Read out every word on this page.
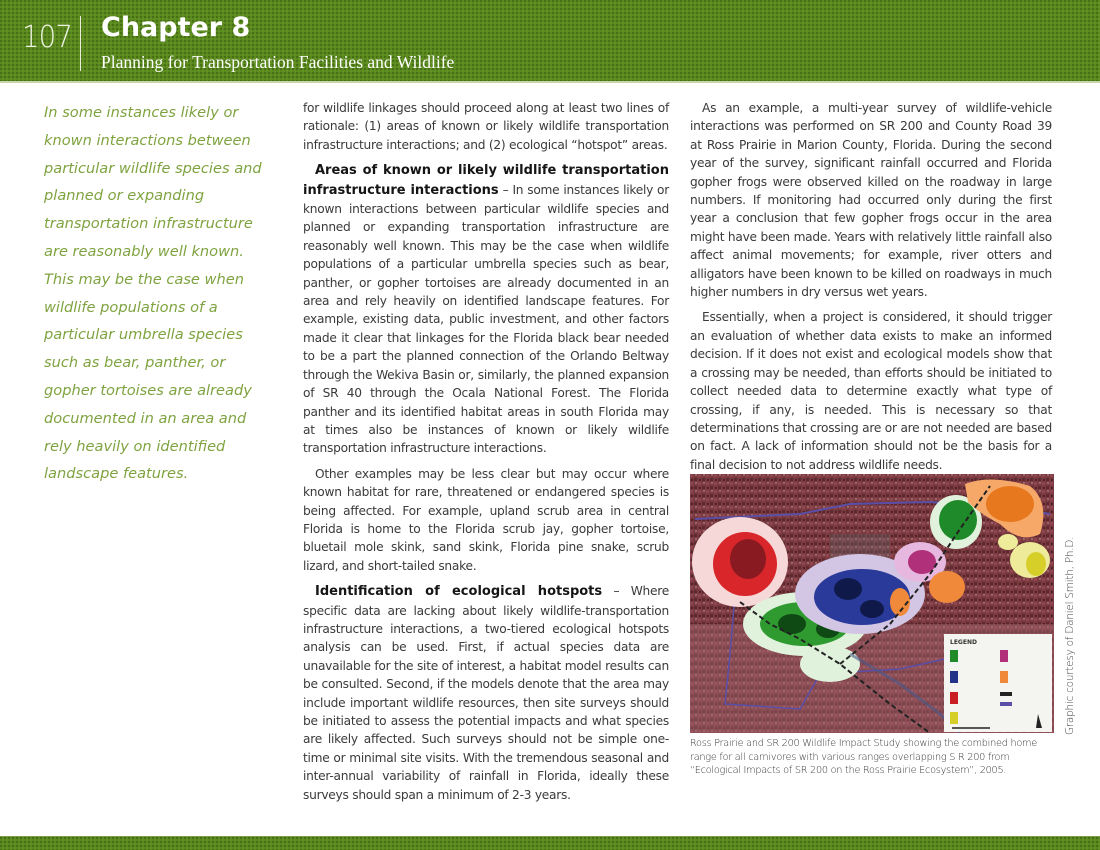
107 Chapter 8
Planning for Transportation Facilities and Wildlife
In some instances likely or known interactions between particular wildlife species and planned or expanding transportation infrastructure are reasonably well known. This may be the case when wildlife populations of a particular umbrella species such as bear, panther, or gopher tortoises are already documented in an area and rely heavily on identified landscape features.

for wildlife linkages should proceed along at least two lines of rationale: (1) areas of known or likely wildlife transportation infrastructure interactions; and (2) ecological “hotspot” areas.

Areas of known or likely wildlife transportation infrastructure interactions – In some instances likely or known interactions between particular wildlife species and planned or expanding transportation infrastructure are reasonably well known. This may be the case when wildlife populations of a particular umbrella species such as bear, panther, or gopher tortoises are already documented in an area and rely heavily on identified landscape features. For example, existing data, public investment, and other factors made it clear that linkages for the Florida black bear needed to be a part the planned connection of the Orlando Beltway through the Wekiva Basin or, similarly, the planned expansion of SR 40 through the Ocala National Forest. The Florida panther and its identified habitat areas in south Florida may at times also be instances of known or likely wildlife transportation infrastructure interactions.

Other examples may be less clear but may occur where known habitat for rare, threatened or endangered species is being affected. For example, upland scrub area in central Florida is home to the Florida scrub jay, gopher tortoise, bluetail mole skink, sand skink, Florida pine snake, scrub lizard, and short-tailed snake.

Identification of ecological hotspots – Where specific data are lacking about likely wildlife-transportation infrastructure interactions, a two-tiered ecological hotspots analysis can be used. First, if actual species data are unavailable for the site of interest, a habitat model results can be consulted. Second, if the models denote that the area may include important wildlife resources, then site surveys should be initiated to assess the potential impacts and what species are likely affected. Such surveys should not be simple one-time or minimal site visits. With the tremendous seasonal and inter-annual variability of rainfall in Florida, ideally these surveys should span a minimum of 2-3 years.

As an example, a multi-year survey of wildlife-vehicle interactions was performed on SR 200 and County Road 39 at Ross Prairie in Marion County, Florida. During the second year of the survey, significant rainfall occurred and Florida gopher frogs were observed killed on the roadway in large numbers. If monitoring had occurred only during the first year a conclusion that few gopher frogs occur in the area might have been made. Years with relatively little rainfall also affect animal movements; for example, river otters and alligators have been known to be killed on roadways in much higher numbers in dry versus wet years.

Essentially, when a project is considered, it should trigger an evaluation of whether data exists to make an informed decision. If it does not exist and ecological models show that a crossing may be needed, than efforts should be initiated to collect needed data to determine exactly what type of crossing, if any, is needed. This is necessary so that determinations that crossing are or are not needed are based on fact. A lack of information should not be the basis for a final decision to not address wildlife needs.

LEGEND	Graphic courtesy of Daniel Smith, Ph.D.
Ross Prairie and SR 200 Wildlife Impact Study showing the combined home range for all carnivores with various ranges overlapping S R 200 from “Ecological Impacts of SR 200 on the Ross Prairie Ecosystem”, 2005.
